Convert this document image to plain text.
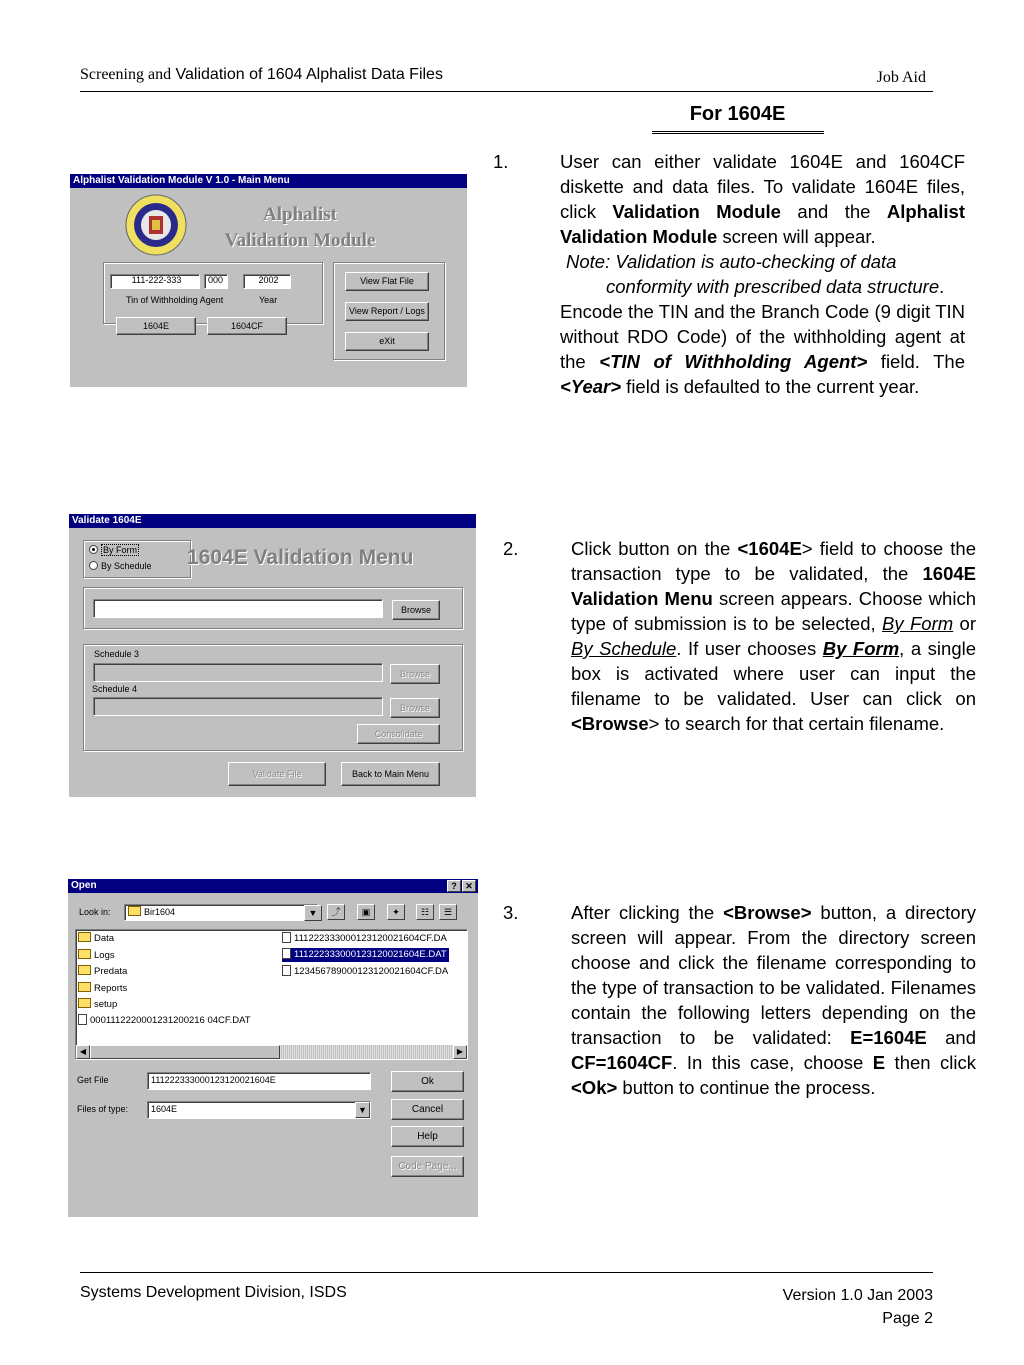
Screening and Validation of 1604 Alphalist Data Files	Job Aid
For 1604E
Alphalist Validation Module V 1.0 - Main Menu
Alphalist
Validation Module
111-222-333	000	2002
Tin of Withholding Agent	Year
1604E	1604CF
View Flat File
View Report / Logs
eXit
1.	User can either validate 1604E and 1604CF diskette and data files. To validate 1604E files, click Validation Module and the Alphalist Validation Module screen will appear.
Note: Validation is auto-checking of data conformity with prescribed data structure.
Encode the TIN and the Branch Code (9 digit TIN without RDO Code) of the withholding agent at the <TIN of Withholding Agent> field. The <Year> field is defaulted to the current year.
Validate 1604E
By Form
By Schedule 1604E Validation Menu
Browse
Schedule 3
Browse
Schedule 4
Browse
Consolidate
Validate File	Back to Main Menu
2.	Click button on the <1604E> field to choose the transaction type to be validated, the 1604E Validation Menu screen appears. Choose which type of submission is to be selected, By Form or By Schedule. If user chooses By Form, a single box is activated where user can input the filename to be validated. User can click on <Browse> to search for that certain filename.
Open	? ✕
Look in:	Bir1604	▼	⤴	▣	✦	☷	☰
Data
Logs
Predata
Reports
setup
0001112220001231200216 04CF.DAT
111222333000123120021604CF.DA
111222333000123120021604E.DAT
123456789000123120021604CF.DA
◀	▶
Get File	111222333000123120021604E
Files of type:	1604E	▼
Ok
Cancel
Help
Code Page...
3.	After clicking the <Browse> button, a directory screen will appear. From the directory screen choose and click the filename corresponding to the type of transaction to be validated. Filenames contain the following letters depending on the transaction to be validated: E=1604E and CF=1604CF. In this case, choose E then click <Ok> button to continue the process.
Systems Development Division, ISDS	Version 1.0 Jan 2003
Page 2
